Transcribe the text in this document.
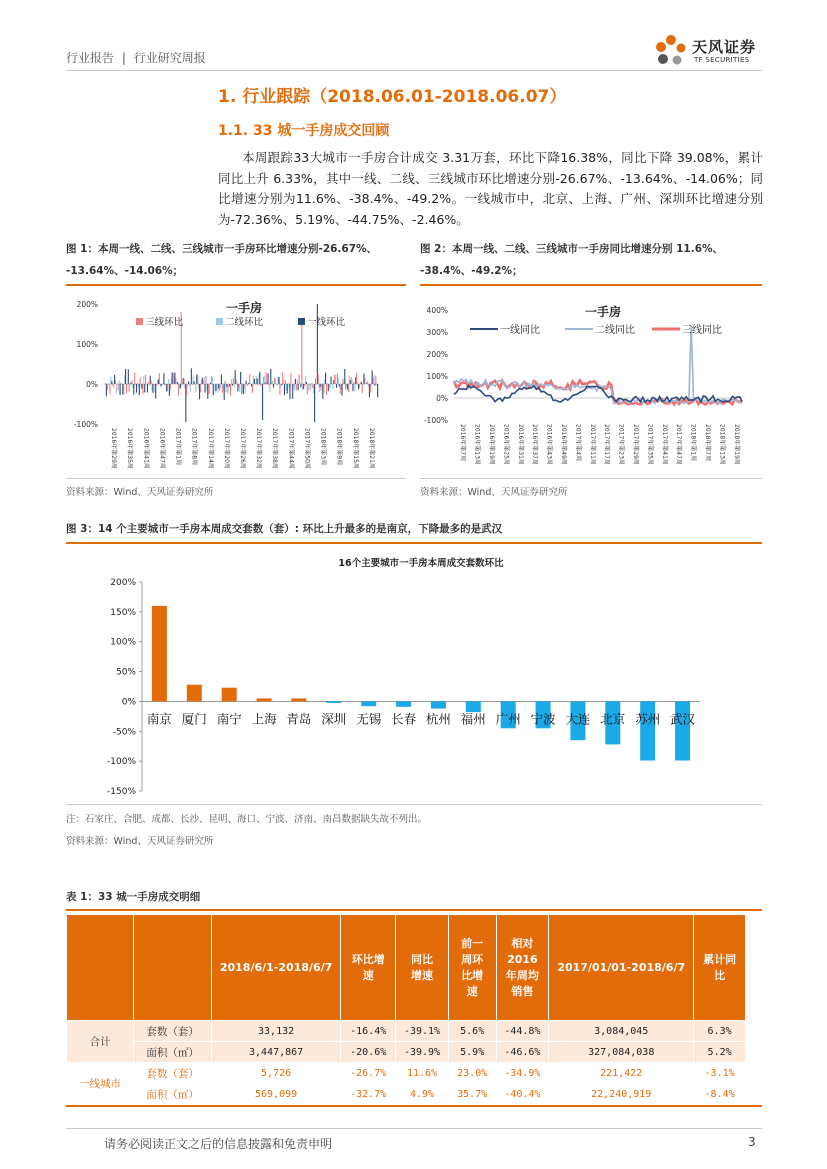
行业报告 | 行业研究周报
天风证券
TF SECURITIES
1. 行业跟踪（2018.06.01-2018.06.07）
1.1. 33 城一手房成交回顾
本周跟踪33大城市一手房合计成交 3.31万套，环比下降16.38%，同比下降 39.08%，累计同比上升 6.33%，其中一线、二线、三线城市环比增速分别-26.67%、-13.64%、-14.06%；同比增速分别为11.6%、-38.4%、-49.2%。一线城市中，北京、上海、广州、深圳环比增速分别为-72.36%、5.19%、-44.75%、-2.46%。
图 1：本周一线、二线、三线城市一手房环比增速分别-26.67%、
-13.64%、-14.06%；
200%
100%
0%
-100%
一手房
三线环比	二线环比	一线环比
2016年第29周 2016年第35周 2016年第41周 2016年第47周 2017年第1周 2017年第8周 2017年第14周 2017年第20周 2017年第26周 2017年第32周 2017年第38周 2017年第44周 2017年第50周 2018年第3周 2018年第9周 2018年第15周 2018年第21周
资料来源：Wind、天风证券研究所
图 2：本周一线、二线、三线城市一手房同比增速分别 11.6%、
-38.4%、-49.2%；
400%
300%
200%
100%
0%
-100%
一手房
一线同比	二线同比	三线同比
2016年第7周 2016年第13周 2016年第19周 2016年第25周 2016年第31周 2016年第37周 2016年第43周 2016年第49周 2017年第4周 2017年第11周 2017年第17周 2017年第23周 2017年第29周 2017年第35周 2017年第41周 2017年第47周 2018年第1周 2018年第7周 2018年第13周 2018年第19周
资料来源：Wind、天风证券研究所
图 3：14 个主要城市一手房本周成交套数（套）: 环比上升最多的是南京，下降最多的是武汉
16个主要城市一手房本周成交套数环比
200%
150%
100%
50%
0%
-50%
-100%
-150%
南京 厦门 南宁 上海 青岛 深圳 无锡 长春 杭州 福州 广州 宁波 大连 北京 苏州 武汉
注：石家庄、合肥、成都、长沙、昆明、海口、宁波、济南、南昌数据缺失故不列出。
资料来源：Wind、天风证券研究所
表 1：33 城一手房成交明细
		2018/6/1-2018/6/7	环比增速	同比增速	前一周环比增速	相对2016年周均销售	2017/01/01-2018/6/7	累计同比
合计	套数（套）	33,132	-16.4%	-39.1%	5.6%	-44.8%	3,084,045	6.3%
	面积（㎡）	3,447,867	-20.6%	-39.9%	5.9%	-46.6%	327,084,038	5.2%
一线城市	套数（套）	5,726	-26.7%	11.6%	23.0%	-34.9%	221,422	-3.1%
	面积（㎡）	569,099	-32.7%	4.9%	35.7%	-40.4%	22,240,919	-8.4%
请务必阅读正文之后的信息披露和免责申明	3
